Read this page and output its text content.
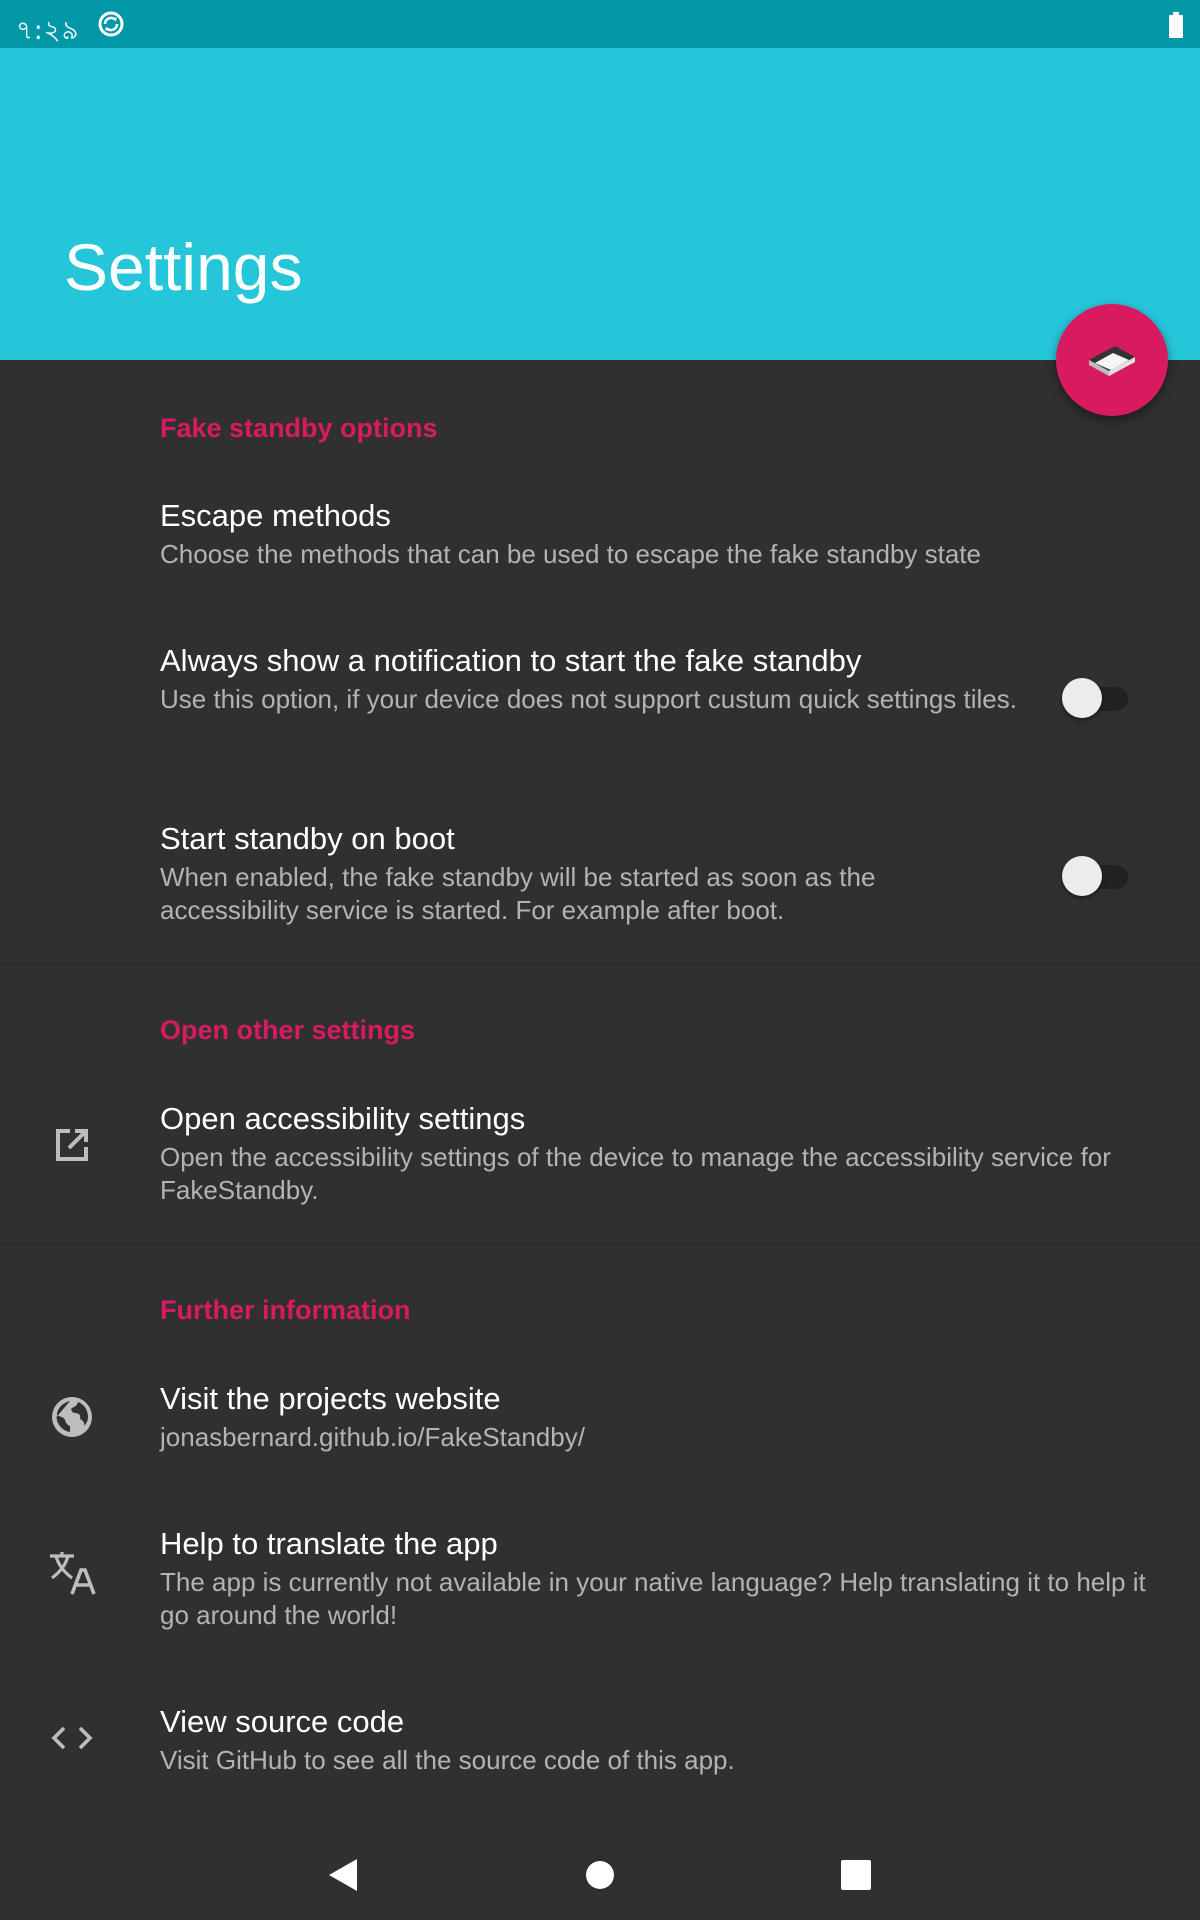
৭:২৯
Settings
Fake standby options
Escape methods
Choose the methods that can be used to escape the fake standby state
Always show a notification to start the fake standby
Use this option, if your device does not support custum quick settings tiles.
Start standby on boot
When enabled, the fake standby will be started as soon as the accessibility service is started. For example after boot.
Open other settings
Open accessibility settings
Open the accessibility settings of the device to manage the accessibility service for FakeStandby.
Further information
Visit the projects website
jonasbernard.github.io/FakeStandby/
Help to translate the app
The app is currently not available in your native language? Help translating it to help it go around the world!
View source code
Visit GitHub to see all the source code of this app.
